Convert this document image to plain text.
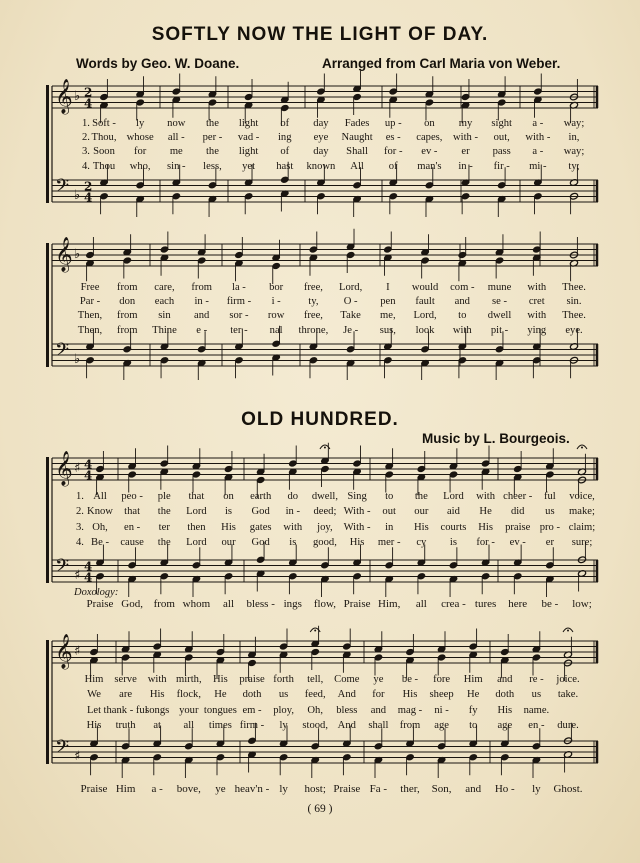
SOFTLY NOW THE LIGHT OF DAY.
Words by Geo. W. Doane.	Arranged from Carl Maria von Weber.
𝄞 ♭ 2
4
𝄢 ♭
2
4
1. Soft - ly now the light of day Fades up - on my sight a - way;
2. Thou, whose all - per - vad - ing eye Naught es - capes, with - out, with - in,
3. Soon for me the light of day Shall for - ev - er pass a - way;
4. Thou who, sin - less, yet hast known All of man's in - fir - mi - ty;
𝄞 ♭
𝄢 ♭
Free from care, from la - bor free, Lord, I would com - mune with Thee.
Par - don each in - firm - i -	ty, O - pen fault and se - cret sin.
Then, from sin and sor - row free, Take me, Lord, to dwell with Thee.
Then, from Thine e - ter - nal throne, Je - sus, look with pit - ying eye.
OLD HUNDRED.
Music by L. Bourgeois.
𝄞 ♯ 4
4
𝄢 ♯
4
4
1. All peo - ple that on earth do dwell, Sing to the Lord with cheer - ful voice,
2. Know that the Lord is God in - deed; With - out our aid He did us make;
3. Oh, en - ter then His gates with joy, With - in His courts His praise pro - claim;
4. Be - cause the Lord our God is good, His mer - cy is for - ev - er sure;
Praise God, from whom all bless - ings flow, Praise Him, all crea - tures here be - low;
𝄞 ♯
𝄢 ♯
Him serve with mirth, His praise forth tell, Come ye be - fore Him and re - joice.
We are His flock, He doth us feed, And for His sheep He doth us take.
Let thank - ful
songs your tongues em - ploy, Oh, bless and mag - ni - fy His name.
His truth at all times firm - ly stood, And shall from age to age en - dure.
Praise Him a - bove, ye heav'n - ly host; Praise Fa - ther, Son, and Ho - ly Ghost.
Doxology:
( 69 )
